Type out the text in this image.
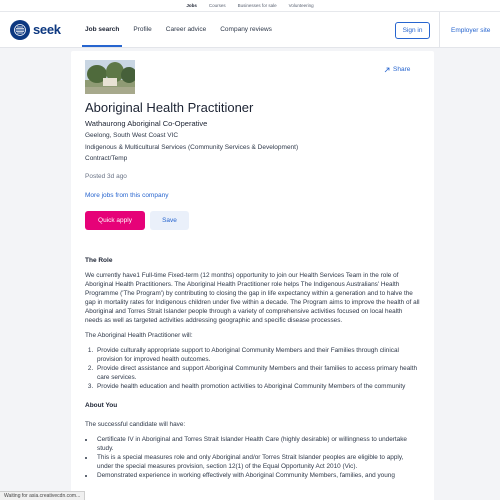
Jobs	Courses	Businesses for sale	Volunteering
seek	Job search	Profile	Career advice	Company reviews	Sign in	Employer site
Share
Aboriginal Health Practitioner
Wathaurong Aboriginal Co-Operative
Geelong, South West Coast VIC
Indigenous & Multicultural Services (Community Services & Development)
Contract/Temp
Posted 3d ago
More jobs from this company
Quick apply	Save
The Role

We currently have1 Full-time Fixed-term (12 months) opportunity to join our Health Services Team in the role of Aboriginal Health Practitioners. The Aboriginal Health Practitioner role helps The Indigenous Australians' Health Programme ('The Program') by contributing to closing the gap in life expectancy within a generation and to halve the gap in mortality rates for Indigenous children under five within a decade. The Program aims to improve the health of all Aboriginal and Torres Strait Islander people through a variety of comprehensive activities focused on local health needs as well as targeted activities addressing geographic and specific disease processes.

The Aboriginal Health Practitioner will:

1. Provide culturally appropriate support to Aboriginal Community Members and their Families through clinical provision for improved health outcomes.
2. Provide direct assistance and support Aboriginal Community Members and their families to access primary health care services.
3. Provide health education and health promotion activities to Aboriginal Community Members of the community
About You

The successful candidate will have:

• Certificate IV in Aboriginal and Torres Strait Islander Health Care (highly desirable) or willingness to undertake study.
• This is a special measures role and only Aboriginal and/or Torres Strait Islander peoples are eligible to apply, under the special measures provision, section 12(1) of the Equal Opportunity Act 2010 (Vic).
• Demonstrated experience in working effectively with Aboriginal Community Members, families, and young
Waiting for asia.creativecdn.com...
